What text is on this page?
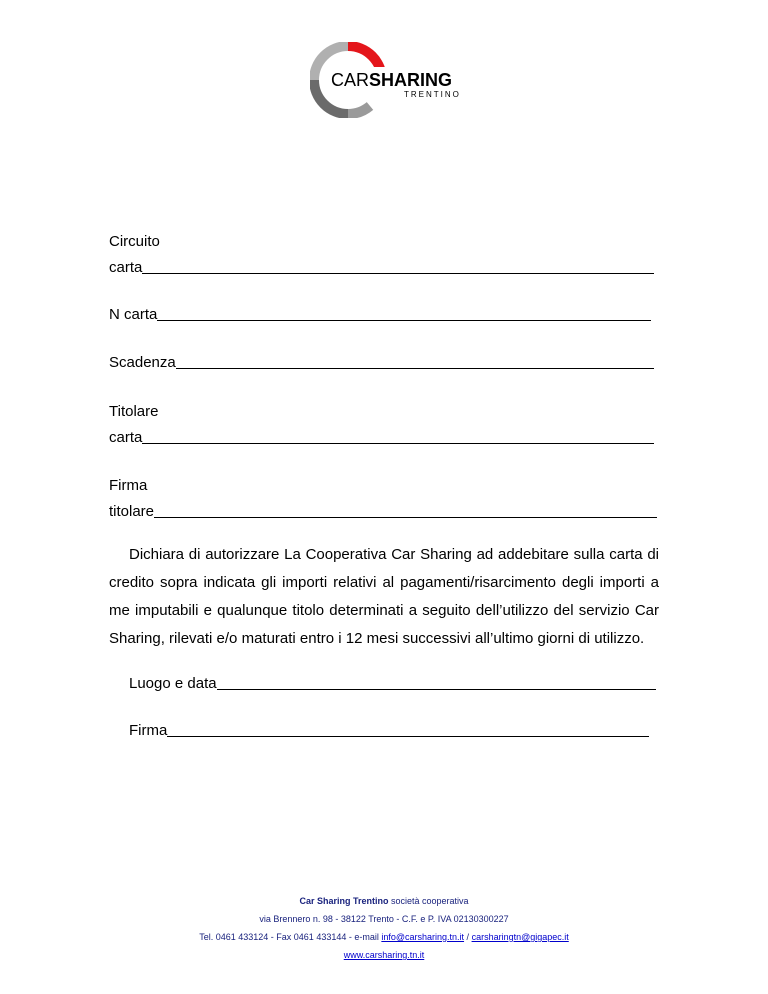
CARSHARING
TRENTINO
Circuito
carta
N carta
Scadenza
Titolare
carta
Firma
titolare

Dichiara di autorizzare La Cooperativa Car Sharing ad addebitare sulla carta di credito sopra indicata gli importi relativi al pagamenti/risarcimento degli importi a me imputabili e qualunque titolo determinati a seguito dell’utilizzo del servizio Car Sharing, rilevati e/o maturati entro i 12 mesi successivi all’ultimo giorni di utilizzo.

Luogo e data
Firma
Car Sharing Trentino società cooperativa
via Brennero n. 98 - 38122 Trento - C.F. e P. IVA 02130300227
Tel. 0461 433124 - Fax 0461 433144 - e-mail info@carsharing.tn.it / carsharingtn@gigapec.it
www.carsharing.tn.it
